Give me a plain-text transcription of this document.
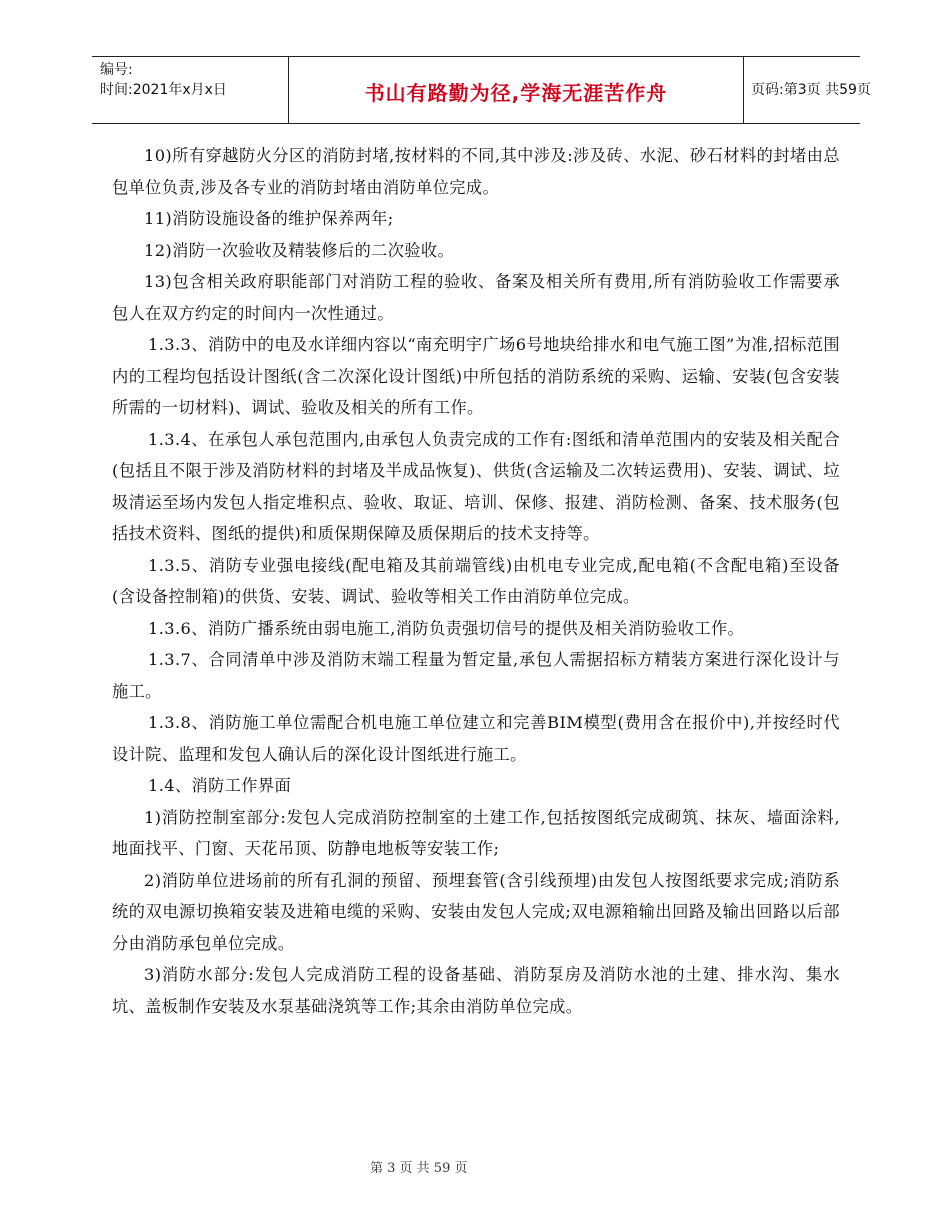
编号:
时间:2021年x月x日	书山有路勤为径,学海无涯苦作舟	页码:第3页 共59页

10)所有穿越防火分区的消防封堵,按材料的不同,其中涉及:涉及砖、水泥、砂石材料的封堵由总包单位负责,涉及各专业的消防封堵由消防单位完成。

11)消防设施设备的维护保养两年;

12)消防一次验收及精装修后的二次验收。

13)包含相关政府职能部门对消防工程的验收、备案及相关所有费用,所有消防验收工作需要承包人在双方约定的时间内一次性通过。

1.3.3、消防中的电及水详细内容以“南充明宇广场6号地块给排水和电气施工图”为准,招标范围内的工程均包括设计图纸(含二次深化设计图纸)中所包括的消防系统的采购、运输、安装(包含安装所需的一切材料)、调试、验收及相关的所有工作。

1.3.4、在承包人承包范围内,由承包人负责完成的工作有:图纸和清单范围内的安装及相关配合(包括且不限于涉及消防材料的封堵及半成品恢复)、供货(含运输及二次转运费用)、安装、调试、垃圾清运至场内发包人指定堆积点、验收、取证、培训、保修、报建、消防检测、备案、技术服务(包括技术资料、图纸的提供)和质保期保障及质保期后的技术支持等。

1.3.5、消防专业强电接线(配电箱及其前端管线)由机电专业完成,配电箱(不含配电箱)至设备(含设备控制箱)的供货、安装、调试、验收等相关工作由消防单位完成。

1.3.6、消防广播系统由弱电施工,消防负责强切信号的提供及相关消防验收工作。

1.3.7、合同清单中涉及消防末端工程量为暂定量,承包人需据招标方精装方案进行深化设计与施工。

1.3.8、消防施工单位需配合机电施工单位建立和完善BIM模型(费用含在报价中),并按经时代设计院、监理和发包人确认后的深化设计图纸进行施工。

1.4、消防工作界面

1)消防控制室部分:发包人完成消防控制室的土建工作,包括按图纸完成砌筑、抹灰、墙面涂料,地面找平、门窗、天花吊顶、防静电地板等安装工作;

2)消防单位进场前的所有孔洞的预留、预埋套管(含引线预埋)由发包人按图纸要求完成;消防系统的双电源切换箱安装及进箱电缆的采购、安装由发包人完成;双电源箱输出回路及输出回路以后部分由消防承包单位完成。

3)消防水部分:发包人完成消防工程的设备基础、消防泵房及消防水池的土建、排水沟、集水坑、盖板制作安装及水泵基础浇筑等工作;其余由消防单位完成。

第 3 页 共 59 页
